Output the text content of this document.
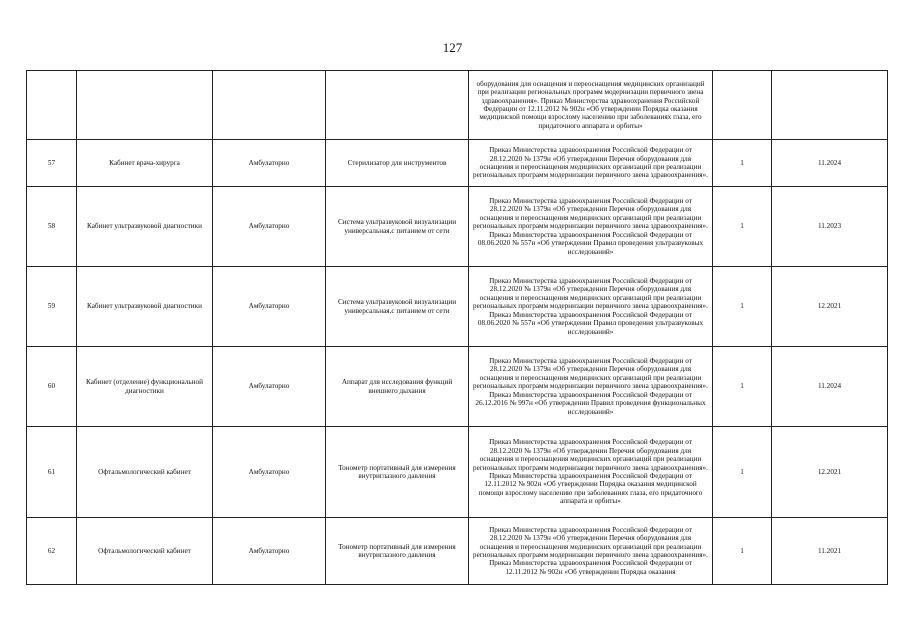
127
				оборудования для оснащения и переоснащения медицинских организаций при реализации региональных программ модернизации первичного звена здравоохранения». Приказ Министерства здравоохранения Российской Федерации от 12.11.2012 № 902н «Об утверждении Порядка оказания медицинской помощи взрослому населению при заболеваниях глаза, его придаточного аппарата и орбиты»		
57	Кабинет врача-хирурга	Амбулаторно	Стерилизатор для инструментов	Приказ Министерства здравоохранения Российской Федерации от 28.12.2020 № 1379н «Об утверждении Перечня оборудования для оснащения и переоснащения медицинских организаций при реализации региональных программ модернизации первичного звена здравоохранения».	1	11.2024
58	Кабинет ультразвуковой диагностики	Амбулаторно	Система ультразвуковой визуализации универсальная,с питанием от сети	Приказ Министерства здравоохранения Российской Федерации от 28.12.2020 № 1379н «Об утверждении Перечня оборудования для оснащения и переоснащения медицинских организаций при реализации региональных программ модернизации первичного звена здравоохранения». Приказ Министерства здравоохранения Российской Федерации от 08.06.2020 № 557н «Об утверждении Правил проведения ультразвуковых исследований»	1	11.2023
59	Кабинет ультразвуковой диагностики	Амбулаторно	Система ультразвуковой визуализации универсальная,с питанием от сети	Приказ Министерства здравоохранения Российской Федерации от 28.12.2020 № 1379н «Об утверждении Перечня оборудования для оснащения и переоснащения медицинских организаций при реализации региональных программ модернизации первичного звена здравоохранения». Приказ Министерства здравоохранения Российской Федерации от 08.06.2020 № 557н «Об утверждении Правил проведения ультразвуковых исследований»	1	12.2021
60	Кабинет (отделение) функциональной диагностики	Амбулаторно	Аппарат для исследования функций внешнего дыхания	Приказ Министерства здравоохранения Российской Федерации от 28.12.2020 № 1379н «Об утверждении Перечня оборудования для оснащения и переоснащения медицинских организаций при реализации региональных программ модернизации первичного звена здравоохранения». Приказ Министерства здравоохранения Российской Федерации от 26.12.2016 № 997н «Об утверждении Правил проведения функциональных исследований»	1	11.2024
61	Офтальмологический кабинет	Амбулаторно	Тонометр портативный для измерения внутриглазного давления	Приказ Министерства здравоохранения Российской Федерации от 28.12.2020 № 1379н «Об утверждении Перечня оборудования для оснащения и переоснащения медицинских организаций при реализации региональных программ модернизации первичного звена здравоохранения». Приказ Министерства здравоохранения Российской Федерации от 12.11.2012 № 902н «Об утверждении Порядка оказания медицинской помощи взрослому населению при заболеваниях глаза, его придаточного аппарата и орбиты»	1	12.2021
62	Офтальмологический кабинет	Амбулаторно	Тонометр портативный для измерения внутриглазного давления	Приказ Министерства здравоохранения Российской Федерации от 28.12.2020 № 1379н «Об утверждении Перечня оборудования для оснащения и переоснащения медицинских организаций при реализации региональных программ модернизации первичного звена здравоохранения». Приказ Министерства здравоохранения Российской Федерации от 12.11.2012 № 902н «Об утверждении Порядка оказания	1	11.2021
